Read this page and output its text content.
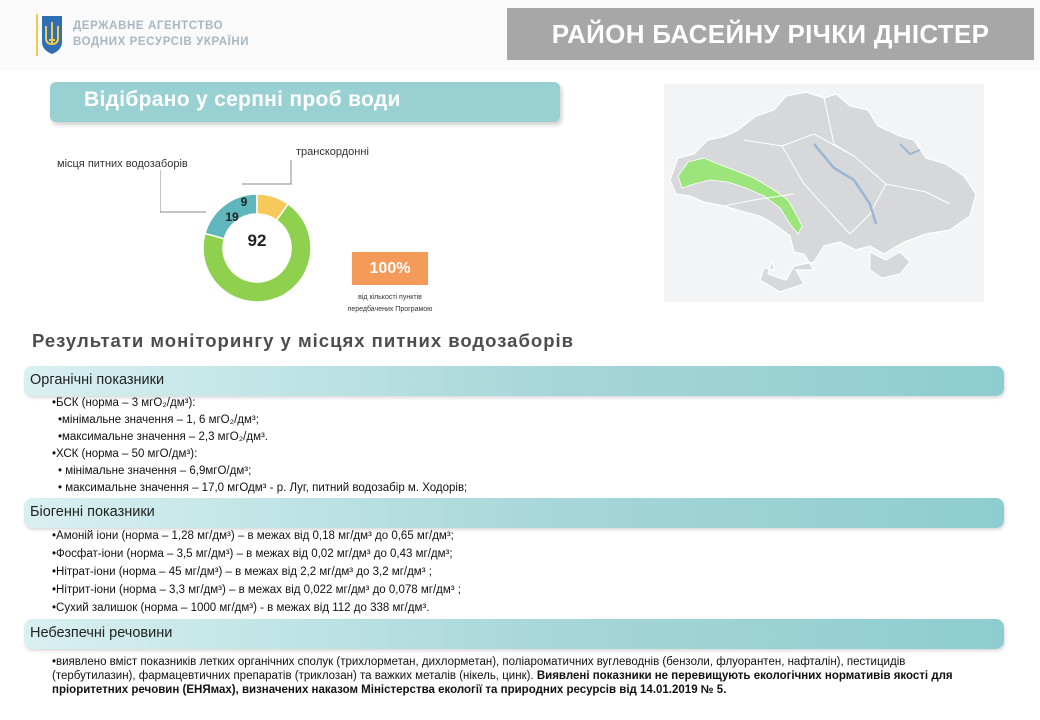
ДЕРЖАВНЕ АГЕНТСТВО
ВОДНИХ РЕСУРСІВ УКРАЇНИ	РАЙОН БАСЕЙНУ РІЧКИ ДНІСТЕР
Відібрано у серпні проб води
19
9
92
місця питних водозаборів
транскордонні
100%
від кількості пунктів
передбачених Програмою
Результати моніторингу у місцях питних водозаборів
Органічні показники
•БСК (норма – 3 мгО₂/дм³):
•мінімальне значення – 1, 6 мгО₂/дм³;
•максимальне значення – 2,3 мгО₂/дм³.
•ХСК (норма – 50 мгО/дм³):
• мінімальне значення – 6,9мгО/дм³;
• максимальне значення – 17,0 мгОдм³ - р. Луг, питний водозабір м. Ходорів;
Біогенні показники
•Амоній іони (норма – 1,28 мг/дм³) – в межах від 0,18 мг/дм³ до 0,65 мг/дм³;
•Фосфат-іони (норма – 3,5 мг/дм³) – в межах від 0,02 мг/дм³ до 0,43 мг/дм³;
•Нітрат-іони (норма – 45 мг/дм³) – в межах від 2,2 мг/дм³ до 3,2 мг/дм³ ;
•Нітрит-іони (норма – 3,3 мг/дм³) – в межах від 0,022 мг/дм³ до 0,078 мг/дм³ ;
•Сухий залишок (норма – 1000 мг/дм³) - в межах від 112 до 338 мг/дм³.
Небезпечні речовини
•виявлено вміст показників летких органічних сполук (трихлорметан, дихлорметан), поліароматичних вуглеводнів (бензоли, флуорантен, нафталін), пестицидів (тербутилазин), фармацевтичних препаратів (триклозан) та важких металів (нікель, цинк). Виявлені показники не перевищують екологічних нормативів якості для пріоритетних речовин (ЕНЯмах), визначених наказом Міністерства екології та природних ресурсів від 14.01.2019 № 5.
